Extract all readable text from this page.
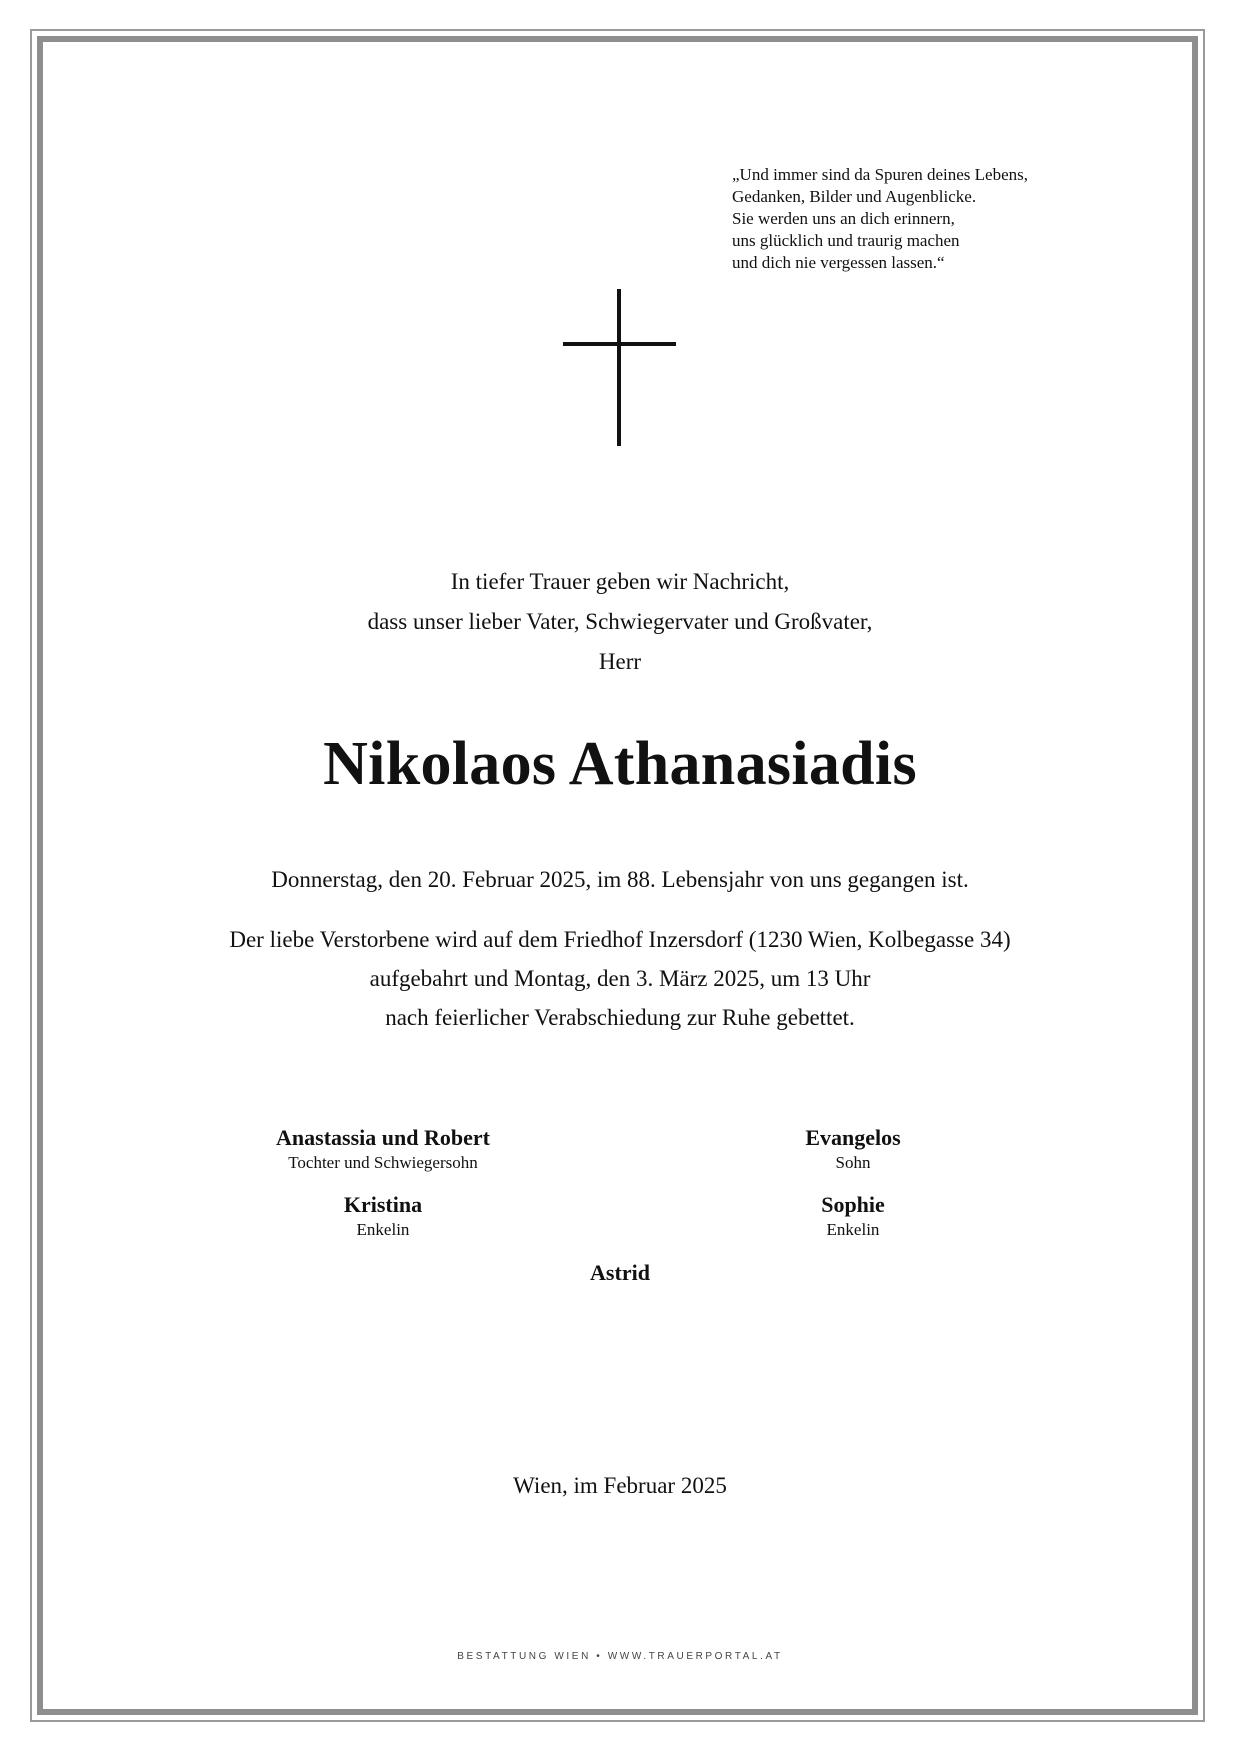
„Und immer sind da Spuren deines Lebens,
Gedanken, Bilder und Augenblicke.
Sie werden uns an dich erinnern,
uns glücklich und traurig machen
und dich nie vergessen lassen.“
In tiefer Trauer geben wir Nachricht,
dass unser lieber Vater, Schwiegervater und Großvater,
Herr
Nikolaos Athanasiadis
Donnerstag, den 20. Februar 2025, im 88. Lebensjahr von uns gegangen ist.
Der liebe Verstorbene wird auf dem Friedhof Inzersdorf (1230 Wien, Kolbegasse 34)
aufgebahrt und Montag, den 3. März 2025, um 13 Uhr
nach feierlicher Verabschiedung zur Ruhe gebettet.
Anastassia und Robert
Tochter und Schwiegersohn
Evangelos
Sohn
Kristina
Enkelin
Sophie
Enkelin
Astrid
Wien, im Februar 2025
BESTATTUNG WIEN • WWW.TRAUERPORTAL.AT
